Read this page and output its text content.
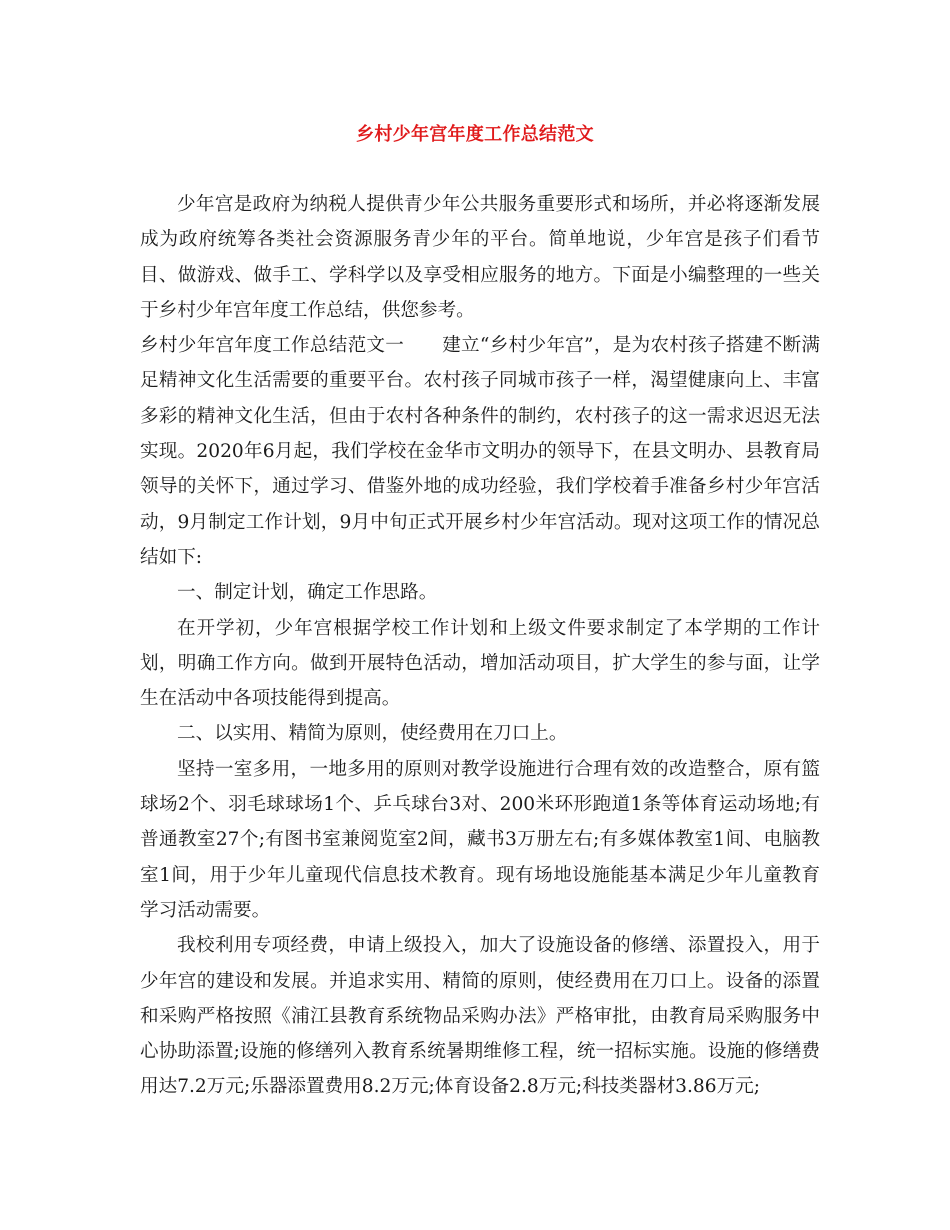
乡村少年宫年度工作总结范文

少年宫是政府为纳税人提供青少年公共服务重要形式和场所，并必将逐渐发展成为政府统筹各类社会资源服务青少年的平台。简单地说，少年宫是孩子们看节目、做游戏、做手工、学科学以及享受相应服务的地方。下面是小编整理的一些关于乡村少年宫年度工作总结，供您参考。

乡村少年宫年度工作总结范文一 建立“乡村少年宫”，是为农村孩子搭建不断满足精神文化生活需要的重要平台。农村孩子同城市孩子一样，渴望健康向上、丰富多彩的精神文化生活，但由于农村各种条件的制约，农村孩子的这一需求迟迟无法实现。2020年6月起，我们学校在金华市文明办的领导下，在县文明办、县教育局领导的关怀下，通过学习、借鉴外地的成功经验，我们学校着手准备乡村少年宫活动，9月制定工作计划，9月中旬正式开展乡村少年宫活动。现对这项工作的情况总结如下:

一、制定计划，确定工作思路。

在开学初，少年宫根据学校工作计划和上级文件要求制定了本学期的工作计划，明确工作方向。做到开展特色活动，增加活动项目，扩大学生的参与面，让学生在活动中各项技能得到提高。

二、以实用、精简为原则，使经费用在刀口上。

坚持一室多用，一地多用的原则对教学设施进行合理有效的改造整合，原有篮球场2个、羽毛球球场1个、乒乓球台3对、200米环形跑道1条等体育运动场地;有普通教室27个;有图书室兼阅览室2间，藏书3万册左右;有多媒体教室1间、电脑教室1间，用于少年儿童现代信息技术教育。现有场地设施能基本满足少年儿童教育学习活动需要。

我校利用专项经费，申请上级投入，加大了设施设备的修缮、添置投入，用于少年宫的建设和发展。并追求实用、精简的原则，使经费用在刀口上。设备的添置和采购严格按照《浦江县教育系统物品采购办法》严格审批，由教育局采购服务中心协助添置;设施的修缮列入教育系统暑期维修工程，统一招标实施。设施的修缮费用达7.2万元;乐器添置费用8.2万元;体育设备2.8万元;科技类器材3.86万元;
